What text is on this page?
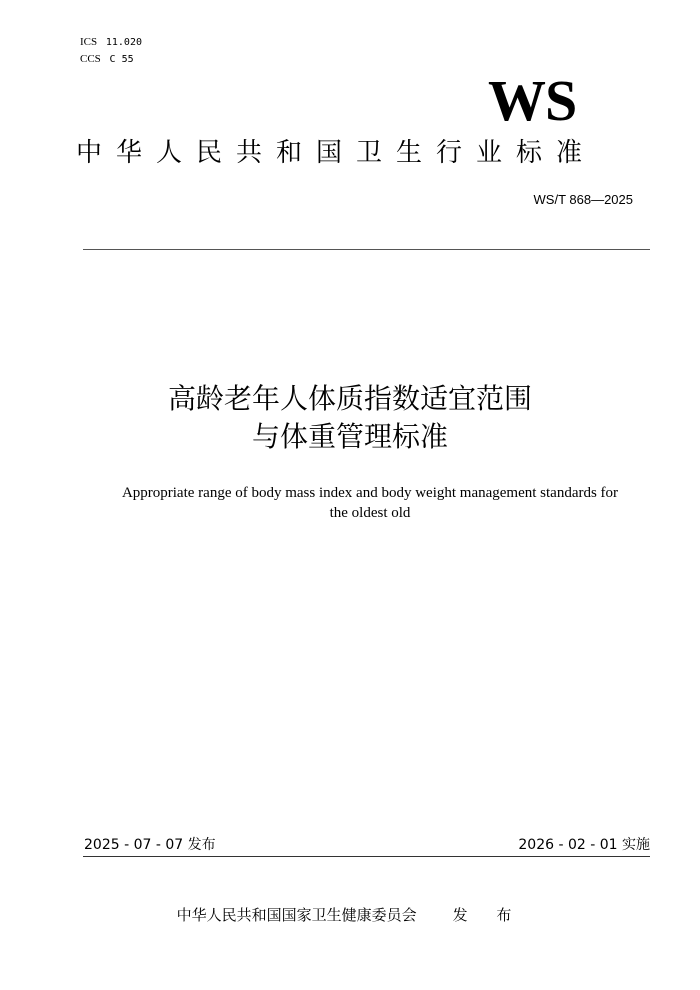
ICS 11.020
CCS C 55
WS
中华人民共和国卫生行业标准
WS/T 868—2025
高龄老年人体质指数适宜范围
与体重管理标准
Appropriate range of body mass index and body weight management standards for
the oldest old
2025 - 07 - 07 发布	2026 - 02 - 01 实施
中华人民共和国国家卫生健康委员会 发 布
